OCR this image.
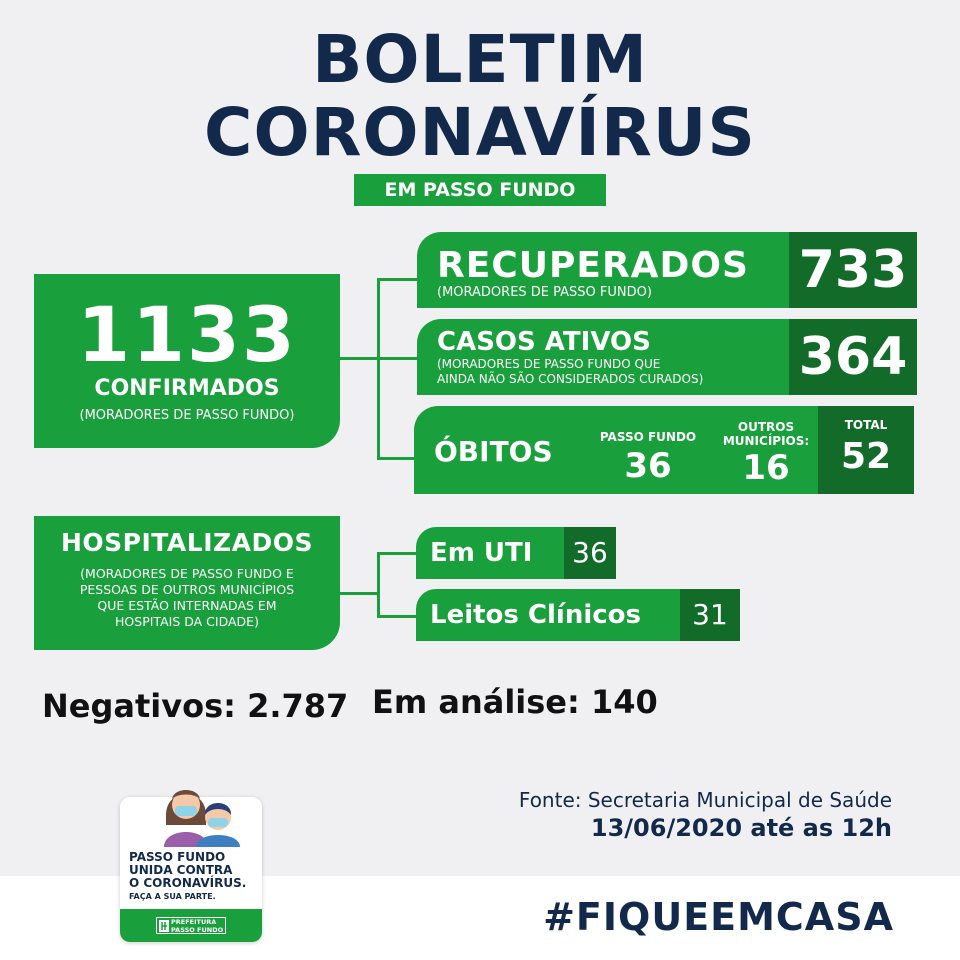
BOLETIM
CORONAVÍRUS
EM PASSO FUNDO
1133
CONFIRMADOS
(MORADORES DE PASSO FUNDO)
RECUPERADOS
(MORADORES DE PASSO FUNDO)	733
CASOS ATIVOS
(MORADORES DE PASSO FUNDO QUE
AINDA NÃO SÃO CONSIDERADOS CURADOS)	364
ÓBITOS	PASSO FUNDO
36
OUTROS
MUNICÍPIOS:
16
TOTAL
52
HOSPITALIZADOS
(MORADORES DE PASSO FUNDO E
PESSOAS DE OUTROS MUNICÍPIOS
QUE ESTÃO INTERNADAS EM
HOSPITAIS DA CIDADE)
Em UTI	36
Leitos Clínicos	31
Negativos: 2.787 Em análise: 140
Fonte: Secretaria Municipal de Saúde
13/06/2020 até as 12h
#FIQUEEMCASA
PASSO FUNDO
UNIDA CONTRA
O CORONAVÍRUS.
FAÇA A SUA PARTE.
PREFEITURA
PASSO FUNDO
